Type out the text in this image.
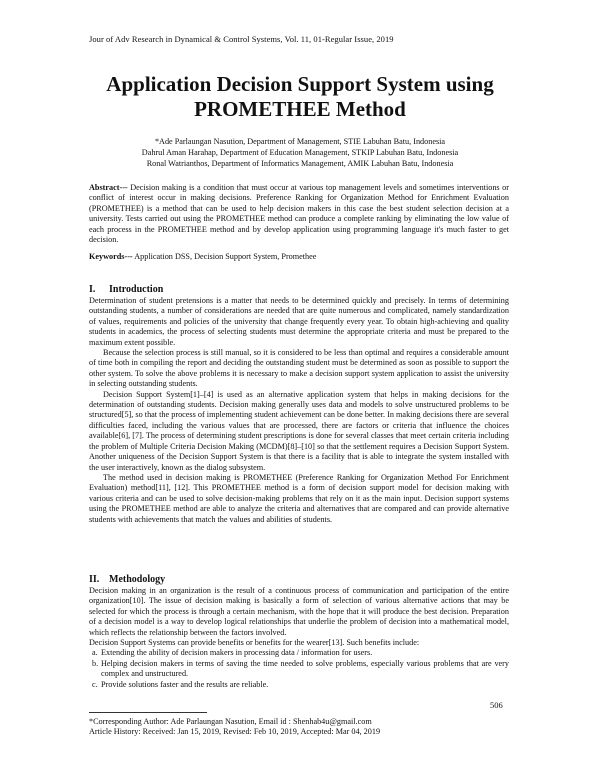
Jour of Adv Research in Dynamical & Control Systems, Vol. 11, 01-Regular Issue, 2019
Application Decision Support System using
PROMETHEE Method
*Ade Parlaungan Nasution, Department of Management, STIE Labuhan Batu, Indonesia
Dahrul Aman Harahap, Department of Education Management, STKIP Labuhan Batu, Indonesia
Ronal Watrianthos, Department of Informatics Management, AMIK Labuhan Batu, Indonesia
Abstract--- Decision making is a condition that must occur at various top management levels and sometimes interventions or conflict of interest occur in making decisions. Preference Ranking for Organization Method for Enrichment Evaluation (PROMETHEE) is a method that can be used to help decision makers in this case the best student selection decision at a university. Tests carried out using the PROMETHEE method can produce a complete ranking by eliminating the low value of each process in the PROMETHEE method and by develop application using programming language it's much faster to get decision.
Keywords--- Application DSS, Decision Support System, Promethee
I. Introduction

Determination of student pretensions is a matter that needs to be determined quickly and precisely. In terms of determining outstanding students, a number of considerations are needed that are quite numerous and complicated, namely standardization of values, requirements and policies of the university that change frequently every year. To obtain high-achieving and quality students in academics, the process of selecting students must determine the appropriate criteria and must be prepared to the maximum extent possible.

Because the selection process is still manual, so it is considered to be less than optimal and requires a considerable amount of time both in compiling the report and deciding the outstanding student must be determined as soon as possible to support the other system. To solve the above problems it is necessary to make a decision support system application to assist the university in selecting outstanding students.

Decision Support System[1]–[4] is used as an alternative application system that helps in making decisions for the determination of outstanding students. Decision making generally uses data and models to solve unstructured problems to be structured[5], so that the process of implementing student achievement can be done better. In making decisions there are several difficulties faced, including the various values that are processed, there are factors or criteria that influence the choices available[6], [7]. The process of determining student prescriptions is done for several classes that meet certain criteria including the problem of Multiple Criteria Decision Making (MCDM)[8]–[10] so that the settlement requires a Decision Support System. Another uniqueness of the Decision Support System is that there is a facility that is able to integrate the system installed with the user interactively, known as the dialog subsystem.

The method used in decision making is PROMETHEE (Preference Ranking for Organization Method For Enrichment Evaluation) method[11], [12]. This PROMETHEE method is a form of decision support model for decision making with various criteria and can be used to solve decision-making problems that rely on it as the main input. Decision support systems using the PROMETHEE method are able to analyze the criteria and alternatives that are compared and can provide alternative students with achievements that match the values and abilities of students.

II. Methodology

Decision making in an organization is the result of a continuous process of communication and participation of the entire organization[10]. The issue of decision making is basically a form of selection of various alternative actions that may be selected for which the process is through a certain mechanism, with the hope that it will produce the best decision. Preparation of a decision model is a way to develop logical relationships that underlie the problem of decision into a mathematical model, which reflects the relationship between the factors involved.

Decision Support Systems can provide benefits or benefits for the wearer[13]. Such benefits include:

a. Extending the ability of decision makers in processing data / information for users.
b. Helping decision makers in terms of saving the time needed to solve problems, especially various problems that are very complex and unstructured.
c. Provide solutions faster and the results are reliable.
506
*Corresponding Author: Ade Parlaungan Nasution, Email id : Shenhab4u@gmail.com
Article History: Received: Jan 15, 2019, Revised: Feb 10, 2019, Accepted: Mar 04, 2019
